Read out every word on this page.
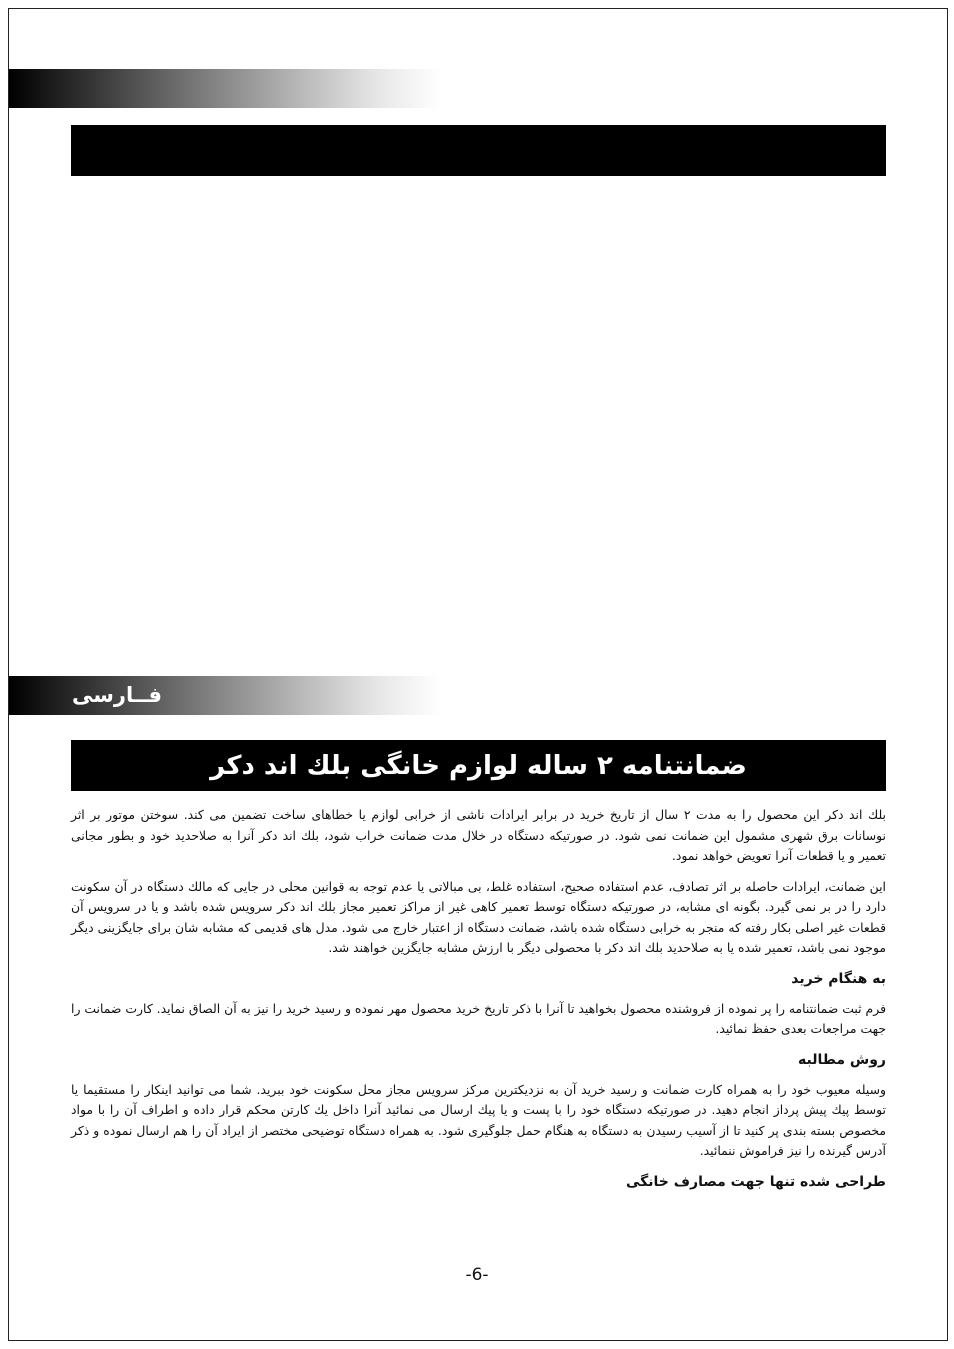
فــارسی
ضمانتنامه ۲ ساله لوازم خانگی بلك اند دكر

بلك اند دكر این محصول را به مدت ۲ سال از تاریخ خرید در برابر ایرادات ناشی از خرابی لوازم یا خطاهای ساخت تضمین می کند. سوختن موتور بر اثر نوسانات برق شهری مشمول این ضمانت نمی شود. در صورتیکه دستگاه در خلال مدت ضمانت خراب شود، بلك اند دكر آنرا به صلاحدید خود و بطور مجانی تعمیر و یا قطعات آنرا تعویض خواهد نمود.

این ضمانت، ایرادات حاصله بر اثر تصادف، عدم استفاده صحیح، استفاده غلط، بی مبالاتی یا عدم توجه به قوانین محلی در جایی که مالك دستگاه در آن سكونت دارد را در بر نمی گیرد. بگونه ای مشابه، در صورتیكه دستگاه توسط تعمیر كاهی غیر از مراكز تعمیر مجاز بلك اند دكر سرویس شده باشد و یا در سرویس آن قطعات غیر اصلی بكار رفته كه منجر به خرابی دستگاه شده باشد، ضمانت دستگاه از اعتبار خارج می شود. مدل های قدیمی كه مشابه شان برای جایگزینی دیگر موجود نمی باشد، تعمیر شده یا به صلاحدید بلك اند دكر با محصولی دیگر با ارزش مشابه جایگزین خواهند شد.

به هنگام خرید

فرم ثبت ضمانتنامه را پر نموده از فروشنده محصول بخواهید تا آنرا با ذكر تاریخ خرید محصول مهر نموده و رسید خرید را نیز به آن الصاق نماید. كارت ضمانت را جهت مراجعات بعدی حفظ نمائید.

روش مطالبه

وسیله معیوب خود را به همراه كارت ضمانت و رسید خرید آن به نزدیكترین مركز سرویس مجاز محل سكونت خود ببرید. شما می توانید اینكار را مستقیما یا توسط پیك پیش پرداز انجام دهید. در صورتیكه دستگاه خود را با پست و یا پیك ارسال می نمائید آنرا داخل یك كارتن محكم قرار داده و اطراف آن را با مواد مخصوص بسته بندی پر كنید تا از آسیب رسیدن به دستگاه به هنگام حمل جلوگیری شود. به همراه دستگاه توضیحی مختصر از ایراد آن را هم ارسال نموده و ذكر آدرس گیرنده را نیز فراموش ننمائید.

طراحی شده تنها جهت مصارف خانگی
-6-
